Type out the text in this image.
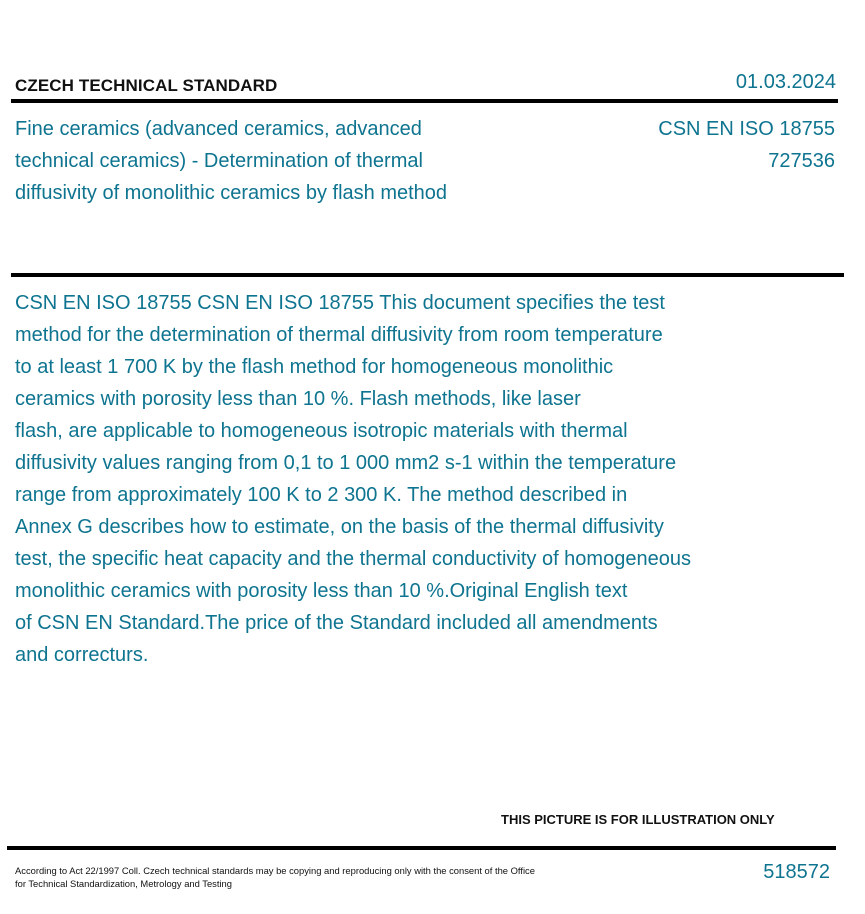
CZECH TECHNICAL STANDARD	01.03.2024
Fine ceramics (advanced ceramics, advanced technical ceramics) - Determination of thermal diffusivity of monolithic ceramics by flash method
CSN EN ISO 18755
727536
CSN EN ISO 18755 CSN EN ISO 18755 This document specifies the test
method for the determination of thermal diffusivity from room temperature
to at least 1 700 K by the flash method for homogeneous monolithic
ceramics with porosity less than 10 %. Flash methods, like laser
flash, are applicable to homogeneous isotropic materials with thermal
diffusivity values ranging from 0,1 to 1 000 mm2 s-1 within the temperature
range from approximately 100 K to 2 300 K. The method described in
Annex G describes how to estimate, on the basis of the thermal diffusivity
test, the specific heat capacity and the thermal conductivity of homogeneous
monolithic ceramics with porosity less than 10 %.Original English text
of CSN EN Standard.The price of the Standard included all amendments
and correcturs.
THIS PICTURE IS FOR ILLUSTRATION ONLY
According to Act 22/1997 Coll. Czech technical standards may be copying and reproducing only with the consent of the Office
for Technical Standardization, Metrology and Testing
518572
